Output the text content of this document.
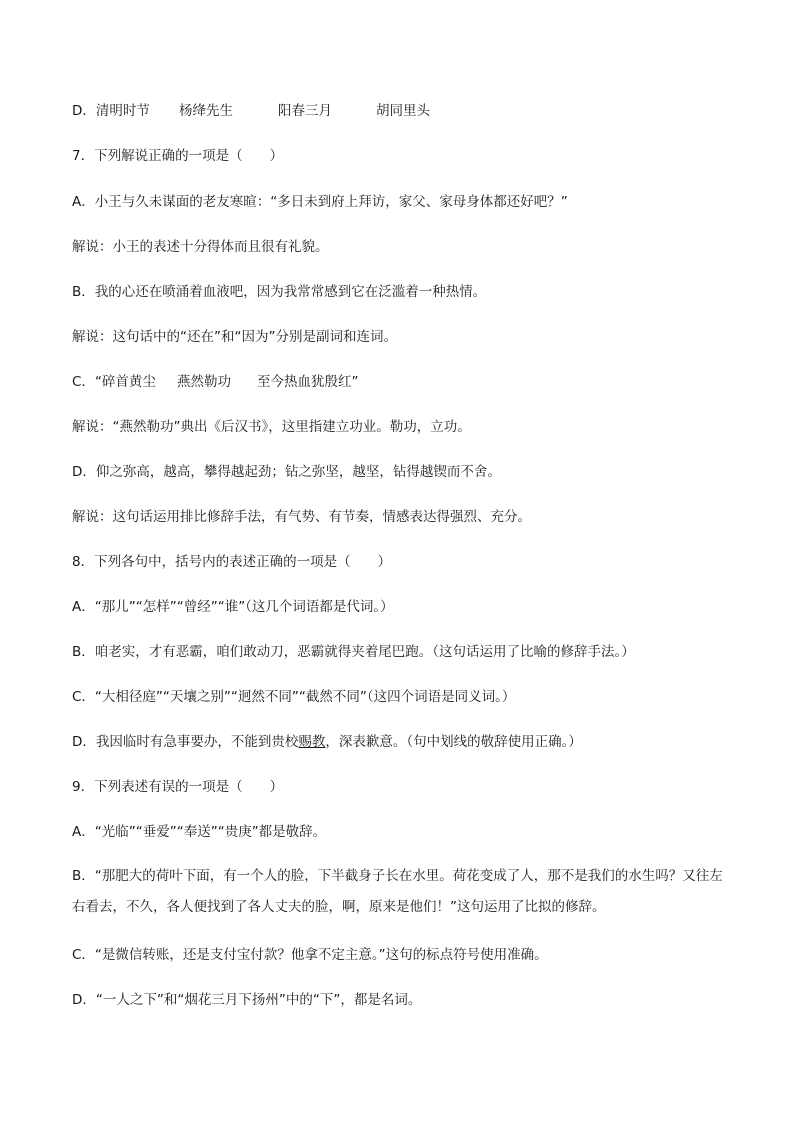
D．清明时节 杨绛先生	阳春三月	胡同里头
7．下列解说正确的一项是（　　）
A．小王与久未谋面的老友寒暄：“多日未到府上拜访，家父、家母身体都还好吧？”
解说：小王的表述十分得体而且很有礼貌。
B．我的心还在喷涌着血液吧，因为我常常感到它在泛滥着一种热情。
解说：这句话中的“还在”和“因为”分别是副词和连词。
C．“碎首黄尘 燕然勒功 至今热血犹殷红”
解说：“燕然勒功”典出《后汉书》，这里指建立功业。勒功，立功。
D．仰之弥高，越高，攀得越起劲；钻之弥坚，越坚，钻得越锲而不舍。
解说：这句话运用排比修辞手法，有气势、有节奏，情感表达得强烈、充分。
8．下列各句中，括号内的表述正确的一项是（　　）
A．“那儿”“怎样”“曾经”“谁”（这几个词语都是代词。）
B．咱老实，才有恶霸，咱们敢动刀，恶霸就得夹着尾巴跑。（这句话运用了比喻的修辞手法。）
C．“大相径庭”“天壤之别”“迥然不同”“截然不同”（这四个词语是同义词。）
D．我因临时有急事要办，不能到贵校赐教，深表歉意。（句中划线的敬辞使用正确。）
9．下列表述有误的一项是（　　）
A．“光临”“垂爱”“奉送”“贵庚”都是敬辞。
B．“那肥大的荷叶下面，有一个人的脸，下半截身子长在水里。荷花变成了人，那不是我们的水生吗？又往左右看去，不久，各人便找到了各人丈夫的脸，啊，原来是他们！”这句运用了比拟的修辞。
C．“是微信转账，还是支付宝付款？他拿不定主意。”这句的标点符号使用准确。
D．“一人之下”和“烟花三月下扬州”中的“下”，都是名词。
